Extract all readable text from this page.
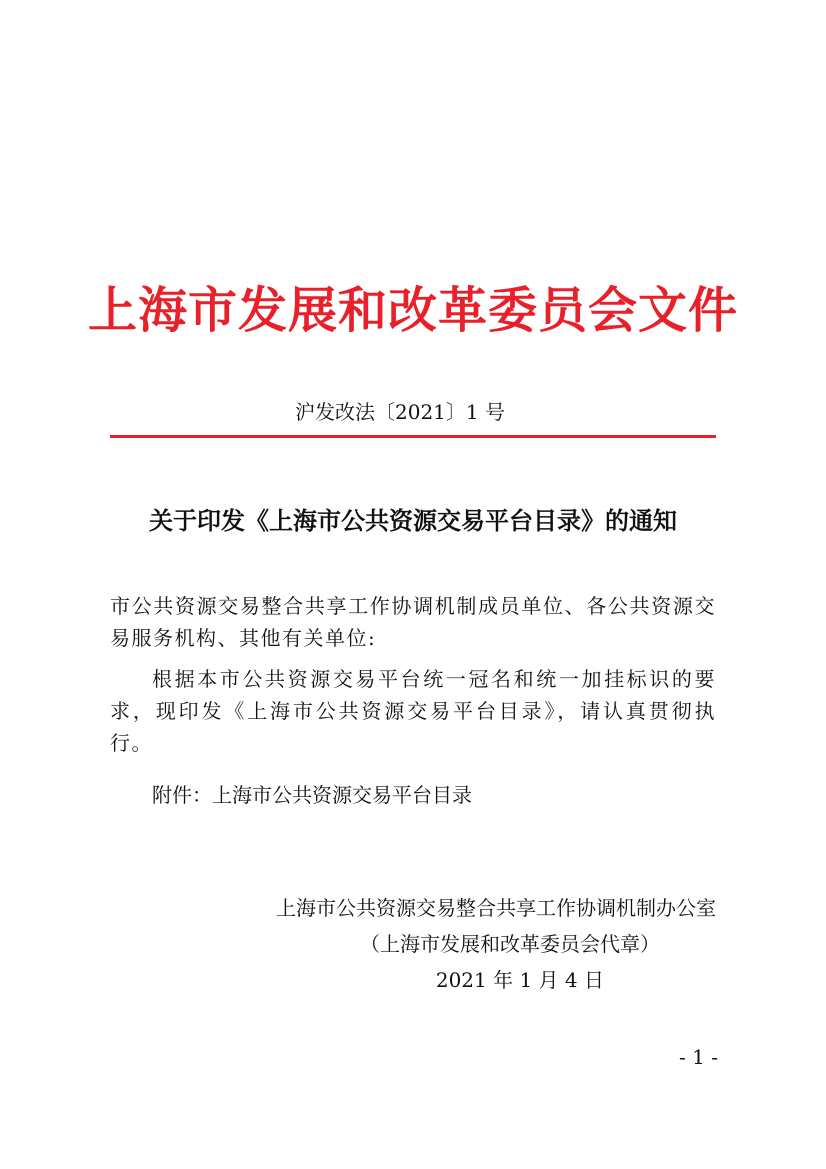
上海市发展和改革委员会文件
沪发改法〔2021〕1 号
关于印发《上海市公共资源交易平台目录》的通知
市公共资源交易整合共享工作协调机制成员单位、各公共资源交易服务机构、其他有关单位:
根据本市公共资源交易平台统一冠名和统一加挂标识的要求，现印发《上海市公共资源交易平台目录》，请认真贯彻执行。
附件：上海市公共资源交易平台目录
上海市公共资源交易整合共享工作协调机制办公室
（上海市发展和改革委员会代章）
2021 年 1 月 4 日
- 1 -
